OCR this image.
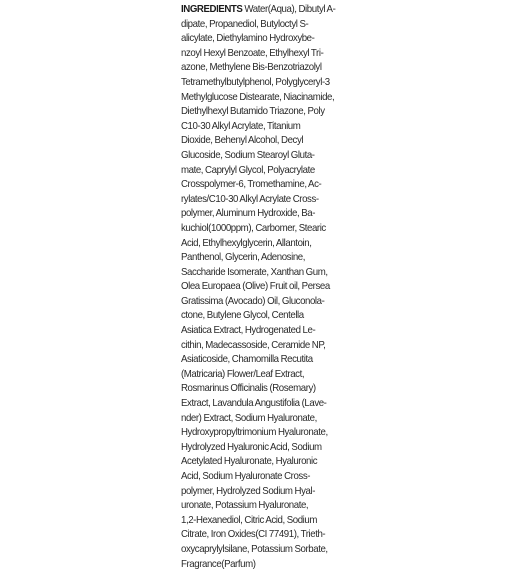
INGREDIENTS Water(Aqua), Dibutyl A-
dipate, Propanediol, Butyloctyl S-
alicylate, Diethylamino Hydroxybe-
nzoyl Hexyl Benzoate, Ethylhexyl Tri-
azone, Methylene Bis-Benzotriazolyl
Tetramethylbutylphenol, Polyglyceryl-3
Methylglucose Distearate, Niacinamide,
Diethylhexyl Butamido Triazone, Poly
C10-30 Alkyl Acrylate, Titanium
Dioxide, Behenyl Alcohol, Decyl
Glucoside, Sodium Stearoyl Gluta-
mate, Caprylyl Glycol, Polyacrylate
Crosspolymer-6, Tromethamine, Ac-
rylates/C10-30 Alkyl Acrylate Cross-
polymer, Aluminum Hydroxide, Ba-
kuchiol(1000ppm), Carbomer, Stearic
Acid, Ethylhexylglycerin, Allantoin,
Panthenol, Glycerin, Adenosine,
Saccharide Isomerate, Xanthan Gum,
Olea Europaea (Olive) Fruit oil, Persea
Gratissima (Avocado) Oil, Gluconola-
ctone, Butylene Glycol, Centella
Asiatica Extract, Hydrogenated Le-
cithin, Madecassoside, Ceramide NP,
Asiaticoside, Chamomilla Recutita
(Matricaria) Flower/Leaf Extract,
Rosmarinus Officinalis (Rosemary)
Extract, Lavandula Angustifolia (Lave-
nder) Extract, Sodium Hyaluronate,
Hydroxypropyltrimonium Hyaluronate,
Hydrolyzed Hyaluronic Acid, Sodium
Acetylated Hyaluronate, Hyaluronic
Acid, Sodium Hyaluronate Cross-
polymer, Hydrolyzed Sodium Hyal-
uronate, Potassium Hyaluronate,
1,2-Hexanediol, Citric Acid, Sodium
Citrate, Iron Oxides(CI 77491), Trieth-
oxycaprylylsilane, Potassium Sorbate,
Fragrance(Parfum)
